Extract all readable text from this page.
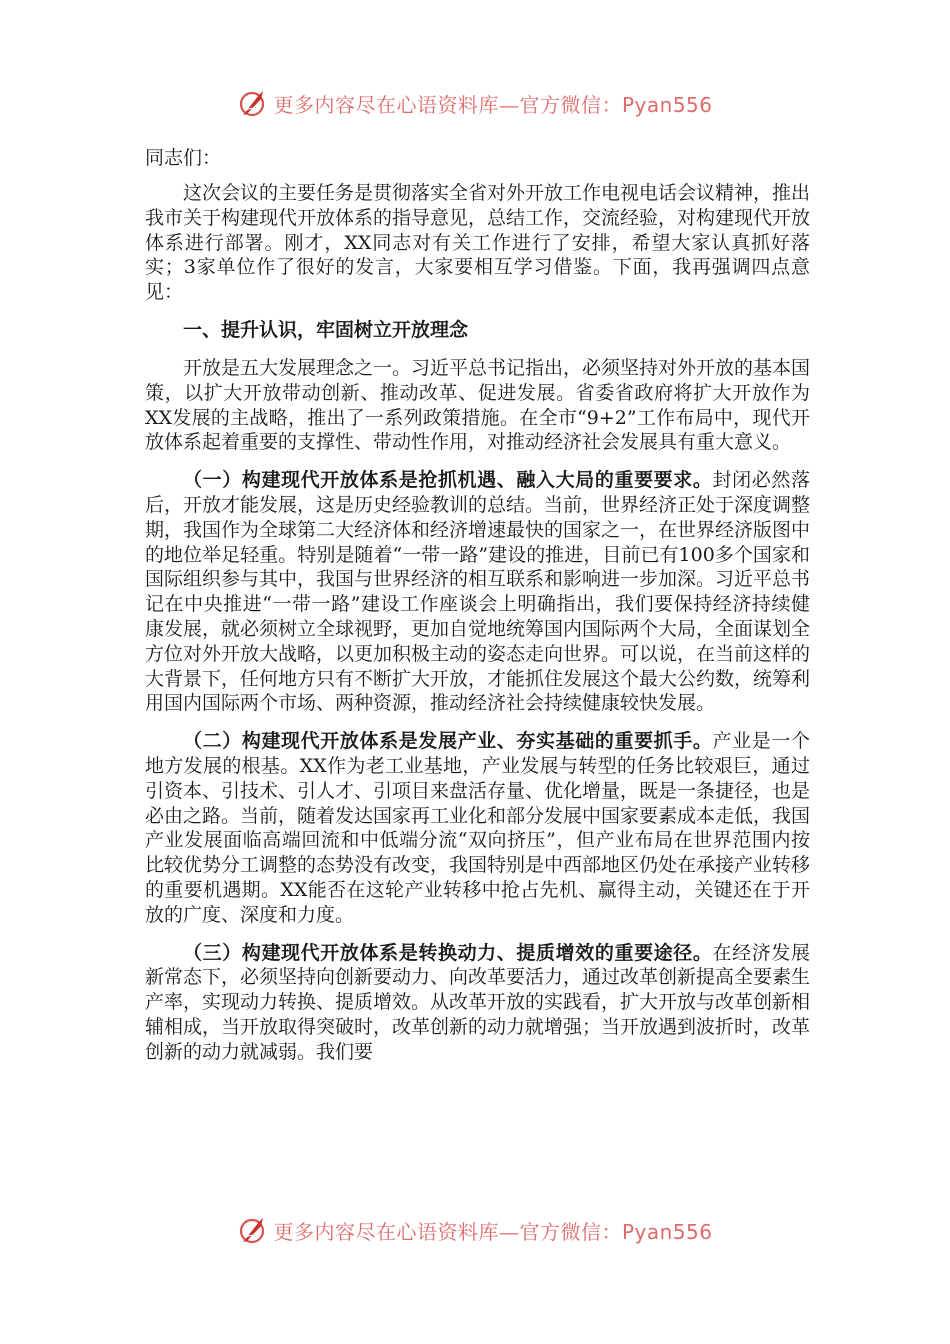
更多内容尽在心语资料库—官方微信：Pyan556
同志们：
这次会议的主要任务是贯彻落实全省对外开放工作电视电话会议精神，推出我市关于构建现代开放体系的指导意见，总结工作，交流经验，对构建现代开放体系进行部署。刚才，XX同志对有关工作进行了安排，希望大家认真抓好落实；3家单位作了很好的发言，大家要相互学习借鉴。下面，我再强调四点意见：
一、提升认识，牢固树立开放理念
开放是五大发展理念之一。习近平总书记指出，必须坚持对外开放的基本国策，以扩大开放带动创新、推动改革、促进发展。省委省政府将扩大开放作为XX发展的主战略，推出了一系列政策措施。在全市“9+2”工作布局中，现代开放体系起着重要的支撑性、带动性作用，对推动经济社会发展具有重大意义。
（一）构建现代开放体系是抢抓机遇、融入大局的重要要求。封闭必然落后，开放才能发展，这是历史经验教训的总结。当前，世界经济正处于深度调整期，我国作为全球第二大经济体和经济增速最快的国家之一，在世界经济版图中的地位举足轻重。特别是随着“一带一路”建设的推进，目前已有100多个国家和国际组织参与其中，我国与世界经济的相互联系和影响进一步加深。习近平总书记在中央推进“一带一路”建设工作座谈会上明确指出，我们要保持经济持续健康发展，就必须树立全球视野，更加自觉地统筹国内国际两个大局，全面谋划全方位对外开放大战略，以更加积极主动的姿态走向世界。可以说，在当前这样的大背景下，任何地方只有不断扩大开放，才能抓住发展这个最大公约数，统筹利用国内国际两个市场、两种资源，推动经济社会持续健康较快发展。
（二）构建现代开放体系是发展产业、夯实基础的重要抓手。产业是一个地方发展的根基。XX作为老工业基地，产业发展与转型的任务比较艰巨，通过引资本、引技术、引人才、引项目来盘活存量、优化增量，既是一条捷径，也是必由之路。当前，随着发达国家再工业化和部分发展中国家要素成本走低，我国产业发展面临高端回流和中低端分流“双向挤压”，但产业布局在世界范围内按比较优势分工调整的态势没有改变，我国特别是中西部地区仍处在承接产业转移的重要机遇期。XX能否在这轮产业转移中抢占先机、赢得主动，关键还在于开放的广度、深度和力度。
（三）构建现代开放体系是转换动力、提质增效的重要途径。在经济发展新常态下，必须坚持向创新要动力、向改革要活力，通过改革创新提高全要素生产率，实现动力转换、提质增效。从改革开放的实践看，扩大开放与改革创新相辅相成，当开放取得突破时，改革创新的动力就增强；当开放遇到波折时，改革创新的动力就减弱。我们要
更多内容尽在心语资料库—官方微信：Pyan556
